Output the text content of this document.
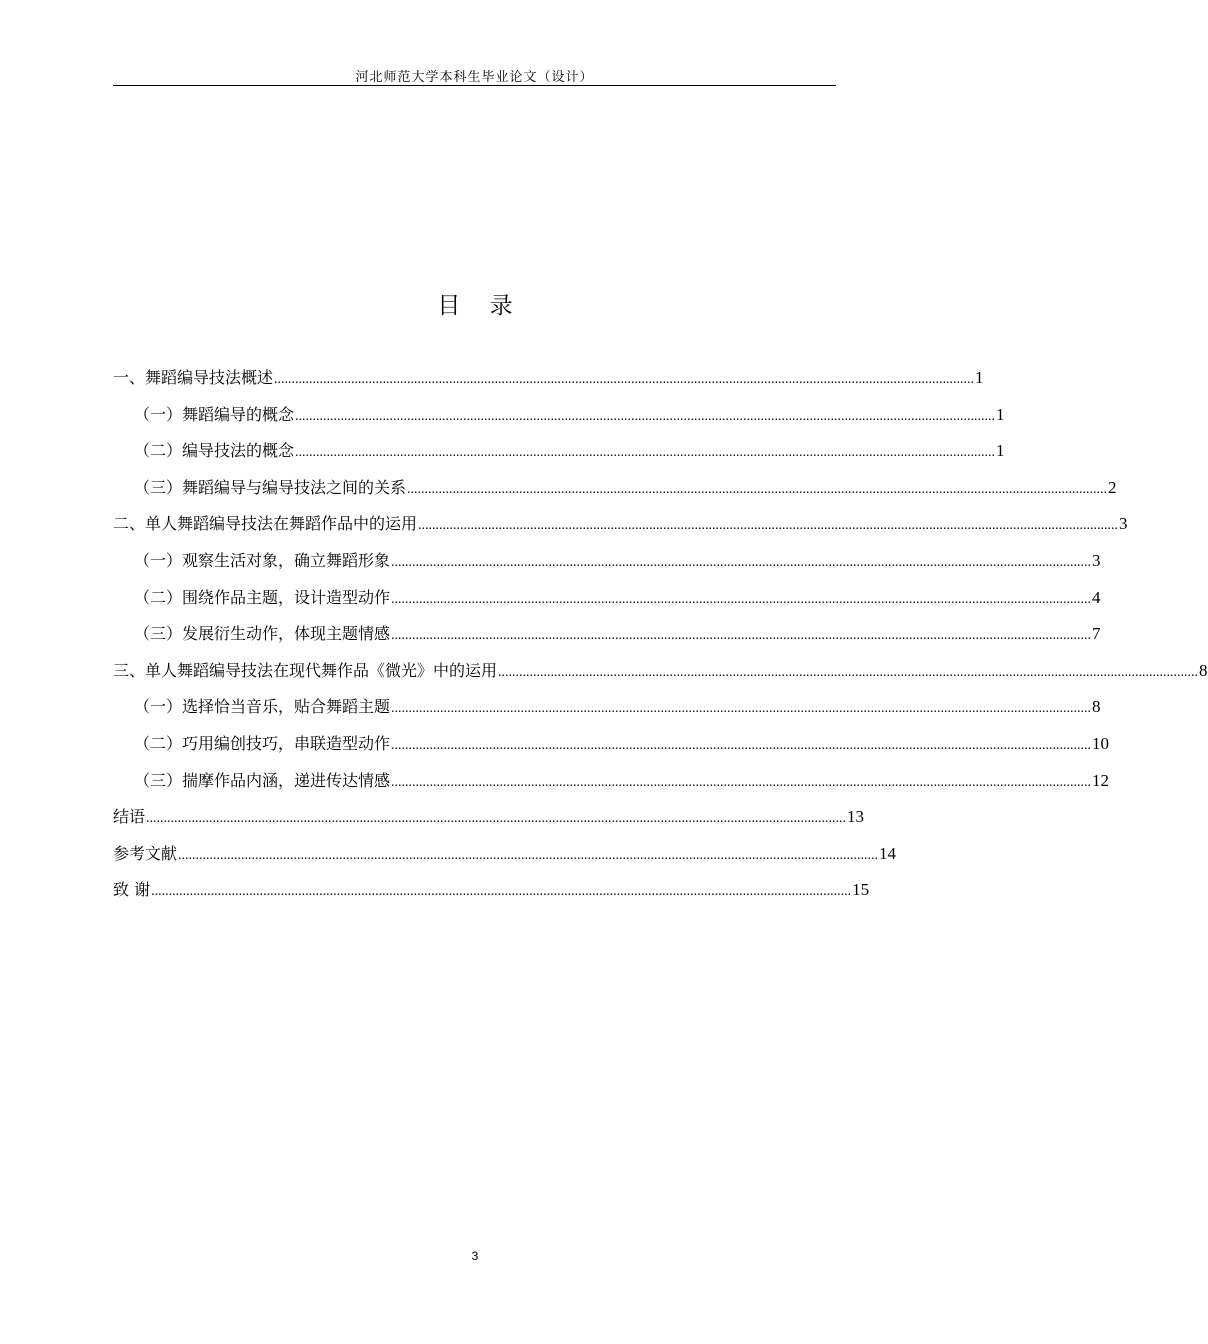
河北师范大学本科生毕业论文（设计）
目 录
一、舞蹈编导技法概述 ........................................................................................................................................................................................................ 1
（一）舞蹈编导的概念 ........................................................................................................................................................................................................ 1
（二）编导技法的概念 ........................................................................................................................................................................................................ 1
（三）舞蹈编导与编导技法之间的关系 ........................................................................................................................................................................................................ 2
二、单人舞蹈编导技法在舞蹈作品中的运用 ........................................................................................................................................................................................................ 3
（一）观察生活对象，确立舞蹈形象 ........................................................................................................................................................................................................ 3
（二）围绕作品主题，设计造型动作 ........................................................................................................................................................................................................ 4
（三）发展衍生动作，体现主题情感 ........................................................................................................................................................................................................ 7
三、单人舞蹈编导技法在现代舞作品《微光》中的运用 ........................................................................................................................................................................................................ 8
（一）选择恰当音乐，贴合舞蹈主题 ........................................................................................................................................................................................................ 8
（二）巧用编创技巧，串联造型动作 ........................................................................................................................................................................................................ 10
（三）揣摩作品内涵，递进传达情感 ........................................................................................................................................................................................................ 12
结语 ........................................................................................................................................................................................................ 13
参考文献 ........................................................................................................................................................................................................ 14
致 谢 ........................................................................................................................................................................................................ 15
3
